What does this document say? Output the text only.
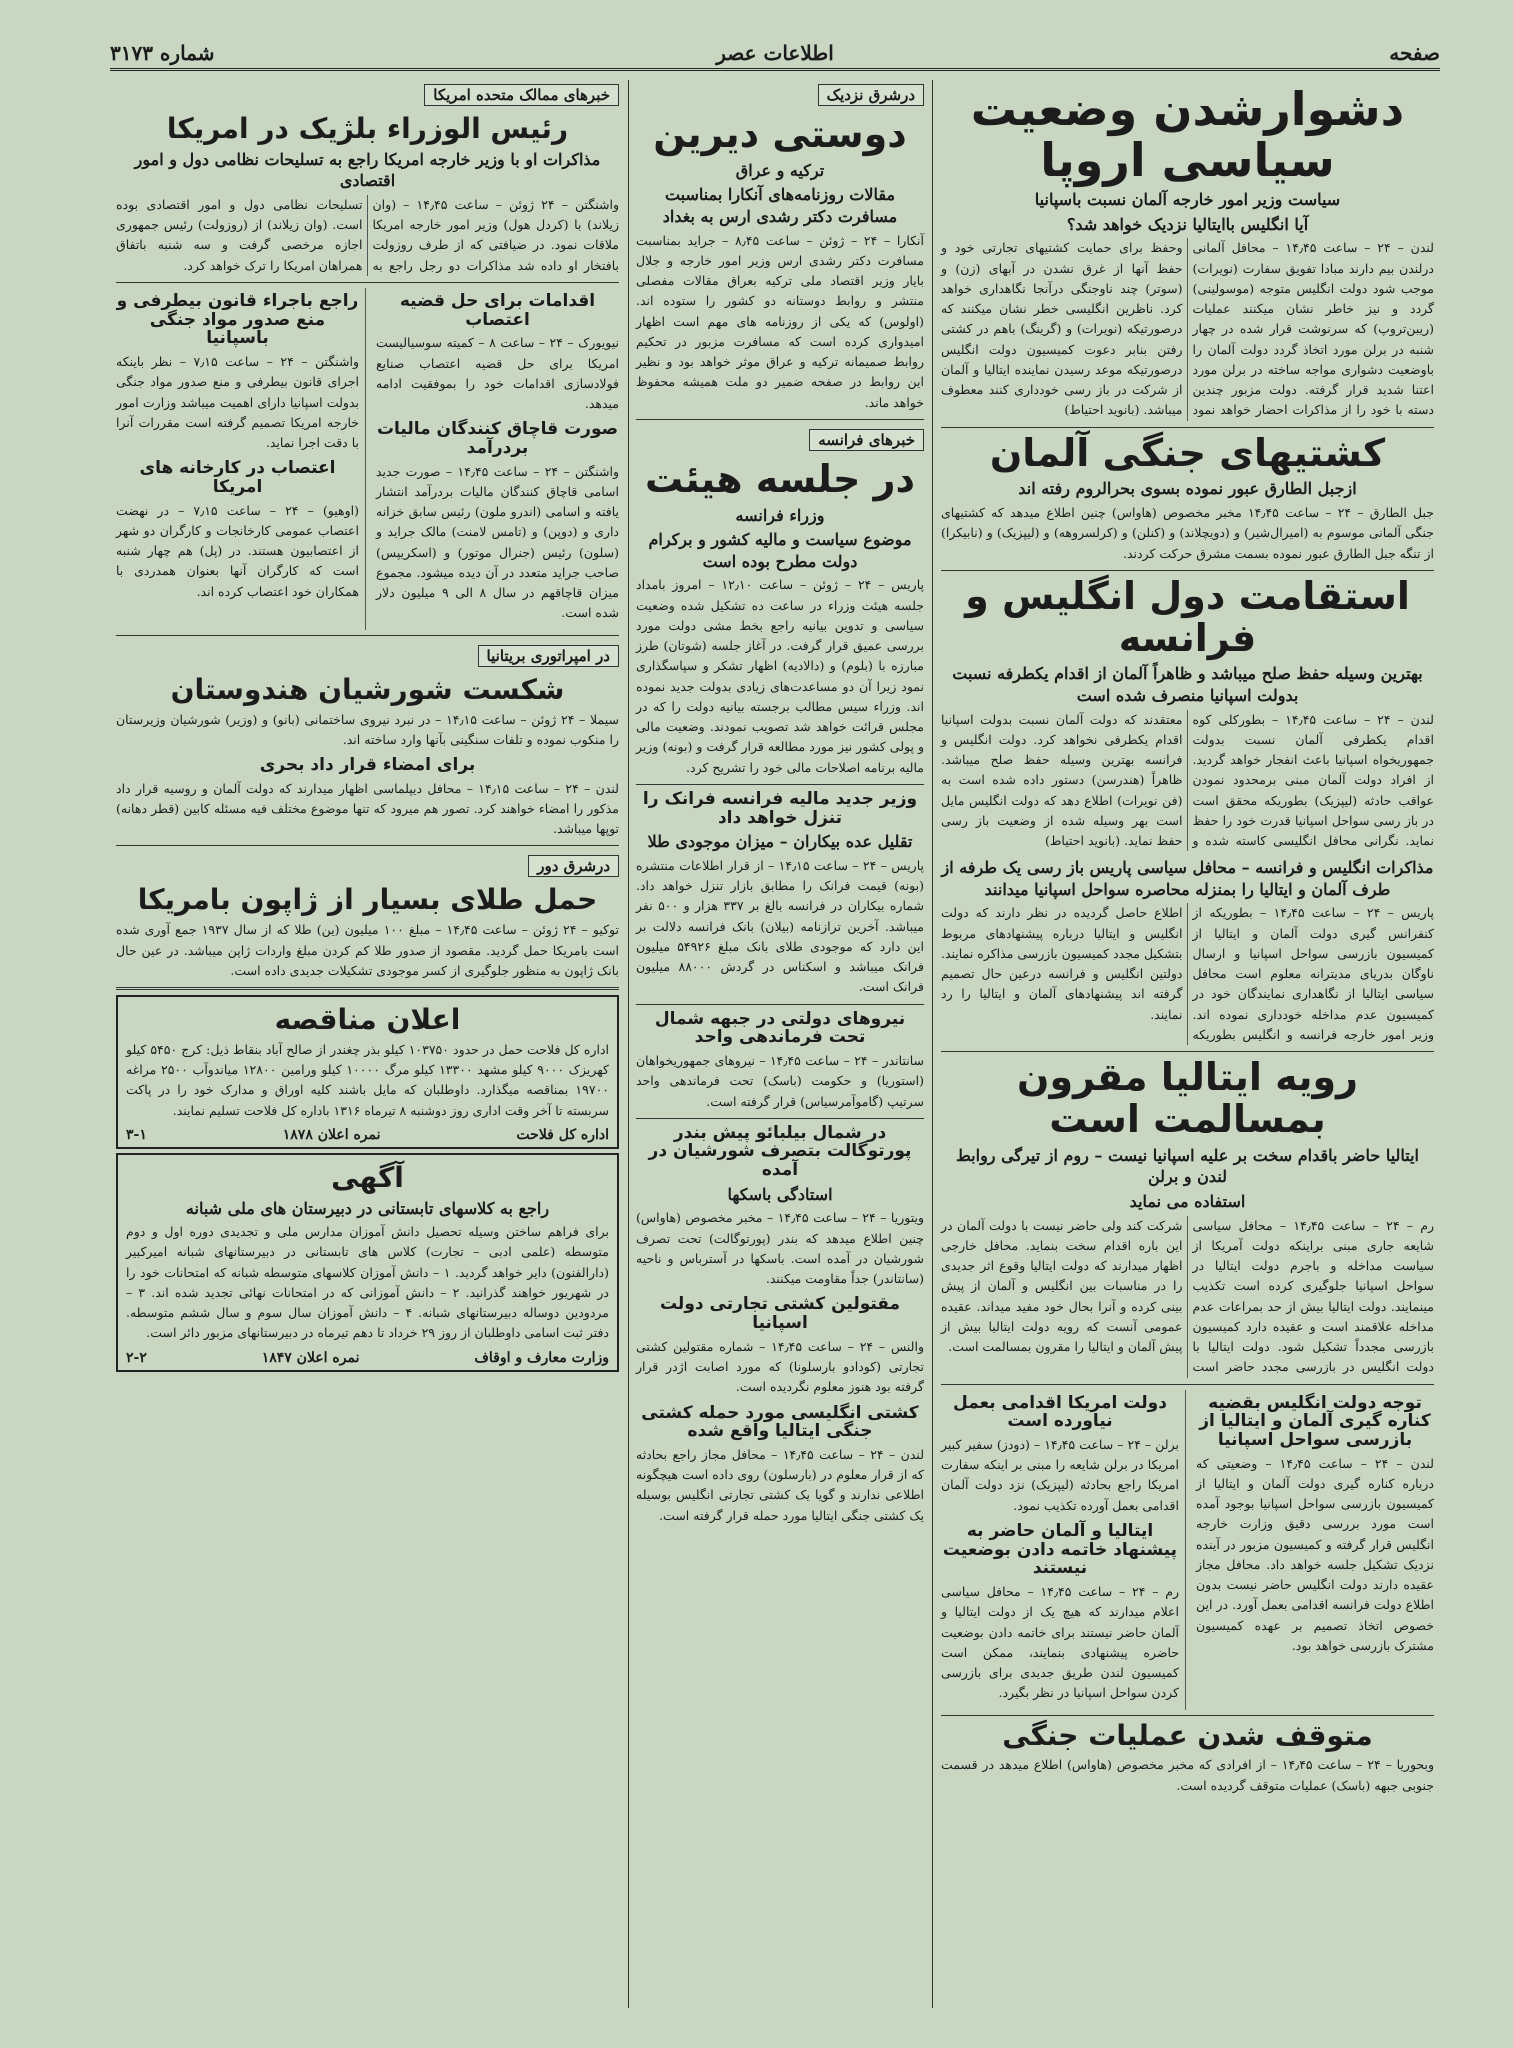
صفحه
اطلاعات عصر
شماره ۳۱۷۳
دشوارشدن وضعیت سیاسی اروپا
سیاست وزیر امور خارجه آلمان نسبت باسپانیا
آیا انگلیس باایتالیا نزدیک خواهد شد؟
لندن – ۲۴ – ساعت ۱۴٫۴۵ – محافل آلمانی درلندن بیم دارند مبادا تفویق سفارت (نویرات) موجب شود دولت انگلیس متوجه (موسولینی) گردد و نیز خاطر نشان میکنند عملیات (ریبن‌تروپ) که سرنوشت قرار شده در چهار شنبه در برلن مورد اتخاذ گردد دولت آلمان را باوضعیت دشواری مواجه ساخته در برلن مورد اعتنا شدید قرار گرفته. دولت مزبور چندین دسته با خود را از مذاکرات احضار خواهد نمود وحفظ برای حمایت کشتیهای تجارتی خود و حفظ آنها از غرق نشدن در آبهای (زن) و (سوتر) چند ناوجنگی درآنجا نگاهداری خواهد کرد. ناظرین انگلیسی خطر نشان میکنند که درصورتیکه (نویرات) و (گرینگ) باهم در کشتی رفتن بنابر دعوت کمیسیون دولت انگلیس درصورتیکه موعد رسیدن نماینده ایتالیا و آلمان از شرکت در باز رسی خودداری کنند معطوف میباشد. (بانوید احتیاط)
کشتیهای جنگی آلمان
ازجبل الطارق عبور نموده بسوی بحرالروم رفته اند
جبل الطارق – ۲۴ – ساعت ۱۴٫۴۵ مخبر مخصوص (هاواس) چنین اطلاع میدهد که کشتیهای جنگی آلمانی موسوم به (امیرال‌شیر) و (دویچلاند) و (کنلن) و (کرلسروهه) و (لیپزیک) و (نابیکرا) از تنگه جبل الطارق عبور نموده بسمت مشرق حرکت کردند.
استقامت دول انگلیس و فرانسه
بهترین وسیله حفظ صلح میباشد و ظاهراً آلمان از اقدام یکطرفه نسبت بدولت اسپانیا منصرف شده است
لندن – ۲۴ – ساعت ۱۴٫۴۵ – بطورکلی کوه اقدام یکطرفی آلمان نسبت بدولت جمهوریخواه اسپانیا باعث انفجار خواهد گردید. از افراد دولت آلمان مبنی برمحدود نمودن عواقب حادثه (لیپزیک) بطوریکه محقق است در باز رسی سواحل اسپانیا قدرت خود را حفظ نماید. نگرانی محافل انگلیسی کاسته شده و معتقدند که دولت آلمان نسبت بدولت اسپانیا اقدام یکطرفی نخواهد کرد. دولت انگلیس و فرانسه بهترین وسیله حفظ صلح میباشد. ظاهراً (هندرسن) دستور داده شده است به (فن نویرات) اطلاع دهد که دولت انگلیس مایل است بهر وسیله شده از وضعیت باز رسی حفظ نماید. (بانوید احتیاط)
مذاکرات انگلیس و فرانسه – محافل سیاسی پاریس باز رسی یک طرفه از طرف آلمان و ایتالیا را بمنزله محاصره سواحل اسپانیا میدانند
پاریس – ۲۴ – ساعت ۱۴٫۴۵ – بطوریکه از کنفرانس گیری دولت آلمان و ایتالیا از کمیسیون بازرسی سواحل اسپانیا و ارسال ناوگان بدریای مدیترانه معلوم است محافل سیاسی ایتالیا از نگاهداری نمایندگان خود در کمیسیون عدم مداخله خودداری نموده اند. وزیر امور خارجه فرانسه و انگلیس بطوریکه اطلاع حاصل گردیده در نظر دارند که دولت انگلیس و ایتالیا درباره پیشنهادهای مربوط بتشکیل مجدد کمیسیون بازرسی مذاکره نمایند. دولتین انگلیس و فرانسه درعین حال تصمیم گرفته اند پیشنهادهای آلمان و ایتالیا را رد نمایند.
رویه ایتالیا مقرون بمسالمت است
ایتالیا حاضر باقدام سخت بر علیه اسپانیا نیست – روم از تیرگی روابط لندن و برلن
استفاده می نماید
رم – ۲۴ – ساعت ۱۴٫۴۵ – محافل سیاسی شایعه جاری مبنی براینکه دولت آمریکا از سیاست مداخله و باجرم دولت ایتالیا در سواحل اسپانیا جلوگیری کرده است تکذیب مینمایند. دولت ایتالیا بیش از حد بمراعات عدم مداخله علاقمند است و عقیده دارد کمیسیون بازرسی مجدداً تشکیل شود. دولت ایتالیا با دولت انگلیس در بازرسی مجدد حاضر است شرکت کند ولی حاضر نیست با دولت آلمان در این باره اقدام سخت بنماید. محافل خارجی اظهار میدارند که دولت ایتالیا وقوع اثر جدیدی را در مناسبات بین انگلیس و آلمان از پیش بینی کرده و آنرا بحال خود مفید میداند. عقیده عمومی آنست که رویه دولت ایتالیا بیش از پیش آلمان و ایتالیا را مقرون بمسالمت است.
توجه دولت انگلیس بقضیه کناره گیری آلمان و ایتالیا از بازرسی سواحل اسپانیا
لندن – ۲۴ – ساعت ۱۴٫۴۵ – وضعیتی که درباره کناره گیری دولت آلمان و ایتالیا از کمیسیون بازرسی سواحل اسپانیا بوجود آمده است مورد بررسی دقیق وزارت خارجه انگلیس قرار گرفته و کمیسیون مزبور در آینده نزدیک تشکیل جلسه خواهد داد. محافل مجاز عقیده دارند دولت انگلیس حاضر نیست بدون اطلاع دولت فرانسه اقدامی بعمل آورد. در این خصوص اتخاذ تصمیم بر عهده کمیسیون مشترک بازرسی خواهد بود.
دولت امریکا اقدامی بعمل نیاورده است
برلن – ۲۴ – ساعت ۱۴٫۴۵ – (دودز) سفیر کبیر امریکا در برلن شایعه را مبنی بر اینکه سفارت امریکا راجع بحادثه (لیپزیک) نزد دولت آلمان اقدامی بعمل آورده تکذیب نمود.
ایتالیا و آلمان حاضر به پیشنهاد خاتمه دادن بوضعیت نیستند
رم – ۲۴ – ساعت ۱۴٫۴۵ – محافل سیاسی اعلام میدارند که هیچ یک از دولت ایتالیا و آلمان حاضر نیستند برای خاتمه دادن بوضعیت حاضره پیشنهادی بنمایند، ممکن است کمیسیون لندن طریق جدیدی برای بازرسی کردن سواحل اسپانیا در نظر بگیرد.
متوقف شدن عملیات جنگی
وبحوریا – ۲۴ – ساعت ۱۴٫۴۵ – از افرادی که مخبر مخصوص (هاواس) اطلاع میدهد در قسمت جنوبی جبهه (باسک) عملیات متوقف گردیده است.
درشرق نزدیک
دوستی دیرین
ترکیه و عراق
مقالات روزنامه‌های آنکارا بمناسبت مسافرت دکتر رشدی ارس به بغداد
آنکارا – ۲۴ – ژوئن – ساعت ۸٫۴۵ – جراید بمناسبت مسافرت دکتر رشدی ارس وزیر امور خارجه و جلال بایار وزیر اقتصاد ملی ترکیه بعراق مقالات مفصلی منتشر و روابط دوستانه دو کشور را ستوده اند. (اولوس) که یکی از روزنامه های مهم است اظهار امیدواری کرده است که مسافرت مزبور در تحکیم روابط صمیمانه ترکیه و عراق موثر خواهد بود و نظیر این روابط در صفحه ضمیر دو ملت همیشه محفوظ خواهد ماند.
خبرهای فرانسه
در جلسه هیئت
وزراء فرانسه
موضوع سیاست و مالیه کشور و برکرام دولت مطرح بوده است
پاریس – ۲۴ – ژوئن – ساعت ۱۲٫۱۰ – امروز بامداد جلسه هیئت وزراء در ساعت ده تشکیل شده وضعیت سیاسی و تدوین بیانیه راجع بخط مشی دولت مورد بررسی عمیق قرار گرفت. در آغاز جلسه (شوتان) طرز مبارزه با (بلوم) و (دالادیه) اظهار تشکر و سپاسگذاری نمود زیرا آن دو مساعدت‌های زیادی بدولت جدید نموده اند. وزراء سیس مطالب برجسته بیانیه دولت را که در مجلس قرائت خواهد شد تصویب نمودند. وضعیت مالی و پولی کشور نیز مورد مطالعه قرار گرفت و (بونه) وزیر مالیه برنامه اصلاحات مالی خود را تشریح کرد.
وزیر جدید مالیه فرانسه فرانک را تنزل خواهد داد
تقلیل عده بیکاران – میزان موجودی طلا
پاریس – ۲۴ – ساعت ۱۴٫۱۵ – از قرار اطلاعات منتشره (بونه) قیمت فرانک را مطابق بازار تنزل خواهد داد. شماره بیکاران در فرانسه بالغ بر ۳۳۷ هزار و ۵۰۰ نفر میباشد. آخرین ترازنامه (بیلان) بانک فرانسه دلالت بر این دارد که موجودی طلای بانک مبلغ ۵۴۹۲۶ میلیون فرانک میباشد و اسکناس در گردش ۸۸۰۰۰ میلیون فرانک است.
نیروهای دولتی در جبهه شمال تحت فرماندهی واحد
سانتاندر – ۲۴ – ساعت ۱۴٫۴۵ – نیروهای جمهوریخواهان (استوریا) و حکومت (باسک) تحت فرماندهی واحد سرتیپ (گاموآمرسیاس) قرار گرفته است.
در شمال بیلبائو پیش بندر پورتوگالت بتصرف شورشیان در آمده
استادگی باسکها
ویتوریا – ۲۴ – ساعت ۱۴٫۴۵ – مخبر مخصوص (هاواس) چنین اطلاع میدهد که بندر (پورتوگالت) تحت تصرف شورشیان در آمده است. باسکها در آسترباس و ناحیه (سانتاندر) جداً مقاومت میکنند.
مقتولین کشتی تجارتی دولت اسپانیا
والنس – ۲۴ – ساعت ۱۴٫۴۵ – شماره مقتولین کشتی تجارتی (کودادو بارسلونا) که مورد اصابت اژدر قرار گرفته بود هنوز معلوم نگردیده است.
کشتی انگلیسی مورد حمله کشتی جنگی ایتالیا واقع شده
لندن – ۲۴ – ساعت ۱۴٫۴۵ – محافل مجاز راجع بحادثه که از قرار معلوم در (بارسلون) روی داده است هیچگونه اطلاعی ندارند و گویا یک کشتی تجارتی انگلیس بوسیله یک کشتی جنگی ایتالیا مورد حمله قرار گرفته است.
خبرهای ممالک متحده امریکا
رئیس الوزراء بلژیک در امریکا
مذاکرات او با وزیر خارجه امریکا راجع به تسلیحات نظامی دول و امور اقتصادی
واشنگتن – ۲۴ ژوئن – ساعت ۱۴٫۴۵ – (وان زیلاند) با (کردل هول) وزیر امور خارجه امریکا ملاقات نمود. در ضیافتی که از طرف روزولت بافتخار او داده شد مذاکرات دو رجل راجع به تسلیحات نظامی دول و امور اقتصادی بوده است. (وان زیلاند) از (روزولت) رئیس جمهوری اجازه مرخصی گرفت و سه شنبه باتفاق همراهان امریکا را ترک خواهد کرد.
اقدامات برای حل قضیه اعتصاب
نیویورک – ۲۴ – ساعت ۸ – کمیته سوسیالیست امریکا برای حل قضیه اعتصاب صنایع فولادسازی اقدامات خود را بموفقیت ادامه میدهد.
صورت قاچاق کنندگان مالیات بردرآمد
واشنگتن – ۲۴ – ساعت ۱۴٫۴۵ – صورت جدید اسامی قاچاق کنندگان مالیات بردرآمد انتشار یافته و اسامی (اندرو ملون) رئیس سابق خزانه داری و (دوپن) و (تامس لامنت) مالک جراید و (سلون) رئیس (جنرال موتور) و (اسکریپس) صاحب جراید متعدد در آن دیده میشود. مجموع میزان قاچاقهم در سال ۸ الی ۹ میلیون دلار شده است.
راجع باجراء قانون بیطرفی و منع صدور مواد جنگی باسپانیا
واشنگتن – ۲۴ – ساعت ۷٫۱۵ – نظر باینکه اجرای قانون بیطرفی و منع صدور مواد جنگی بدولت اسپانیا دارای اهمیت میباشد وزارت امور خارجه امریکا تصمیم گرفته است مقررات آنرا با دقت اجرا نماید.
اعتصاب در کارخانه های امریکا
(اوهیو) – ۲۴ – ساعت ۷٫۱۵ – در نهضت اعتصاب عمومی کارخانجات و کارگران دو شهر از اعتصابیون هستند. در (پل) هم چهار شنبه است که کارگران آنها بعنوان همدردی با همکاران خود اعتصاب کرده اند.
در امپراتوری بریتانیا
شکست شورشیان هندوستان
سیملا – ۲۴ ژوئن – ساعت ۱۴٫۱۵ – در نبرد نیروی ساختمانی (بانو) و (وزیر) شورشیان وزیرستان را منکوب نموده و تلفات سنگینی بآنها وارد ساخته اند.
برای امضاء قرار داد بحری
لندن – ۲۴ – ساعت ۱۴٫۱۵ – محافل دیپلماسی اظهار میدارند که دولت آلمان و روسیه قرار داد مذکور را امضاء خواهند کرد. تصور هم میرود که تنها موضوع مختلف فیه مسئله کابین (قطر دهانه) توپها میباشد.
درشرق دور
حمل طلای بسیار از ژاپون بامریکا
توکیو – ۲۴ ژوئن – ساعت ۱۴٫۴۵ – مبلغ ۱۰۰ میلیون (ین) طلا که از سال ۱۹۳۷ جمع آوری شده است بامریکا حمل گردید. مقصود از صدور طلا کم کردن مبلغ واردات ژاپن میباشد. در عین حال بانک ژاپون به منظور جلوگیری از کسر موجودی تشکیلات جدیدی داده است.
اعلان مناقصه
اداره کل فلاحت حمل در حدود ۱۰۳۷۵۰ کیلو بذر چغندر از صالح آباد بنقاط ذیل: کرج ۵۴۵۰ کیلو کهریزک ۹۰۰۰ کیلو مشهد ۱۳۳۰۰ کیلو مرگ ۱۰۰۰۰ کیلو ورامین ۱۲۸۰۰ میاندوآب ۲۵۰۰ مراغه ۱۹۷۰۰ بمناقصه میگذارد. داوطلبان که مایل باشند کلیه اوراق و مدارک خود را در پاکت سربسته تا آخر وقت اداری روز دوشنبه ۸ تیرماه ۱۳۱۶ باداره کل فلاحت تسلیم نمایند.
اداره کل فلاحت
نمره اعلان ۱۸۷۸
۳-۱
آگهی
راجع به کلاسهای تابستانی در دبیرستان های ملی شبانه
برای فراهم ساختن وسیله تحصیل دانش آموزان مدارس ملی و تجدیدی دوره اول و دوم متوسطه (علمی ادبی – تجارت) کلاس های تابستانی در دبیرستانهای شبانه امیرکبیر (دارالفنون) دایر خواهد گردید. ۱ – دانش آموزان کلاسهای متوسطه شبانه که امتحانات خود را در شهریور خواهند گذرانید. ۲ – دانش آموزانی که در امتحانات نهائی تجدید شده اند. ۳ – مردودین دوساله دبیرستانهای شبانه. ۴ – دانش آموزان سال سوم و سال ششم متوسطه. دفتر ثبت اسامی داوطلبان از روز ۲۹ خرداد تا دهم تیرماه در دبیرستانهای مزبور دائر است.
وزارت معارف و اوقاف
نمره اعلان ۱۸۴۷
۲-۲
